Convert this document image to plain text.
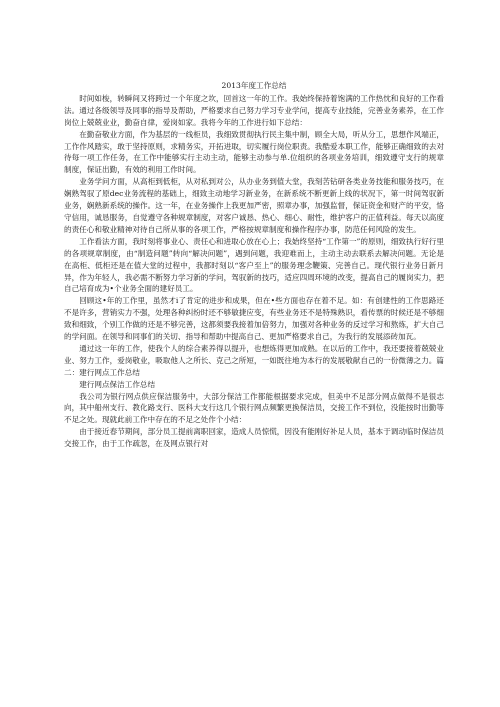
2013年度工作总结

时间如梭，转瞬间又将跨过一个年度之坎，回首这一年的工作。我始终保持着饱满的工作热忱和良好的工作看法。通过各级领导及同事的指导及帮助，严格要求自己努力学习专业学问，提高专业技能，完善业务素养，在工作岗位上兢兢业业，勤奋自律，爱岗如家。我将今年的工作进行如下总结：

在勤奋敬业方面，作为基层的一线柜员，我细致贯彻执行民主集中制，顾全大局，听从分工，思想作风端正，工作作风踏实，敢于坚持原则，求精务实，开拓进取，切实履行岗位职责。我酷爱本职工作，能够正确细致的去对待每一项工作任务，在工作中能够实行主动主动，能够主动参与单.位组织的各项业务培训，细致遵守支行的规章制度，保证出勤，有效的利用工作时间。

业务学问方面，从高柜到低柜，从对私到对公，从办业务到值大堂，我刻苦钻研各类业务技能和服务技巧，在娴熟驾驭了原dec业务流程的基础上，细致主动地学习新业务，在新系统不断更新上线的状况下，第一时间驾驭新业务，娴熟新系统的操作。这一年，在业务操作上我更加严密，照章办事，加强监督，保证资金和财产的平安，恪守信用，诚恳服务，自觉遵守各种规章制度，对客户诚恳、热心、细心、耐性，维护客户的正值利益。每天以高度的责任心和敬业精神对待自己所从事的各项工作，严格按规章制度和操作程序办事，防范任何风险的发生。

工作看法方面，我时刻将事业心、责任心和进取心放在心上；我始终坚持“工作第一”的原则，细致执行好行里的各项规章制度，由“制造问题”转向“解决问题”，遇到问题，我迎难而上，主动主动去联系去解决问题。无论是在高柜、低柜还是在值大堂的过程中，我都时刻以“客户至上”的服务理念鞭策、完善自己。现代银行业务日新月异，作为年轻人，我必需不断努力学习新的学问，驾驭新的技巧，适应四周环境的改变，提高自己的履岗实力，把自己培育成为•个业务全面的建好员工。

回顾这•年的工作里，虽然才i了肯定的进步和成果，但在•些方面也存在着不足。如：有创建性的工作思路还不是许多，营销实力不强，处理各种纠纷时还不够敏捷应变，有些业务还不是特殊熟识，看传票的时候还是不够细致和细致，个别工作做的还是不够完善，这都须要我接着加倍努力，加强对各种业务的反过学习和熬炼，扩大自己的学问面。在领导和同事们的关切、指导和帮助中提高自己、更加严格要求自己，为我行的发展添砖加瓦。

通过这一年的工作，使我个人的综合素养得以提升，也想炼得更加成熟。在以后的工作中，我还要接着兢兢业业、努力工作，爱岗敬业，吸取他人之所长、克己之所短，一如既往地为本行的发展敬献自己的一份微薄之力。篇二：建行网点工作总结

建行网点保洁工作总结

我公司为银行网点供应保洁服务中，大部分保洁工作都能根据要求完成，但美中不足部分网点做得不是很志向，其中船州支行、教化路支行、医科大支行这几个银行网点频繁更换保洁员，交接工作不到位，没能按时出勤等不足之处。现就此前工作中存在的不足之处作个小结：

由于接近春节期间，部分员工提前离职回家，造成人员惊慌，因没有能刚好补足人员，基本于调动临时保洁员交接工作，由于工作疏忽，在及网点银行对
